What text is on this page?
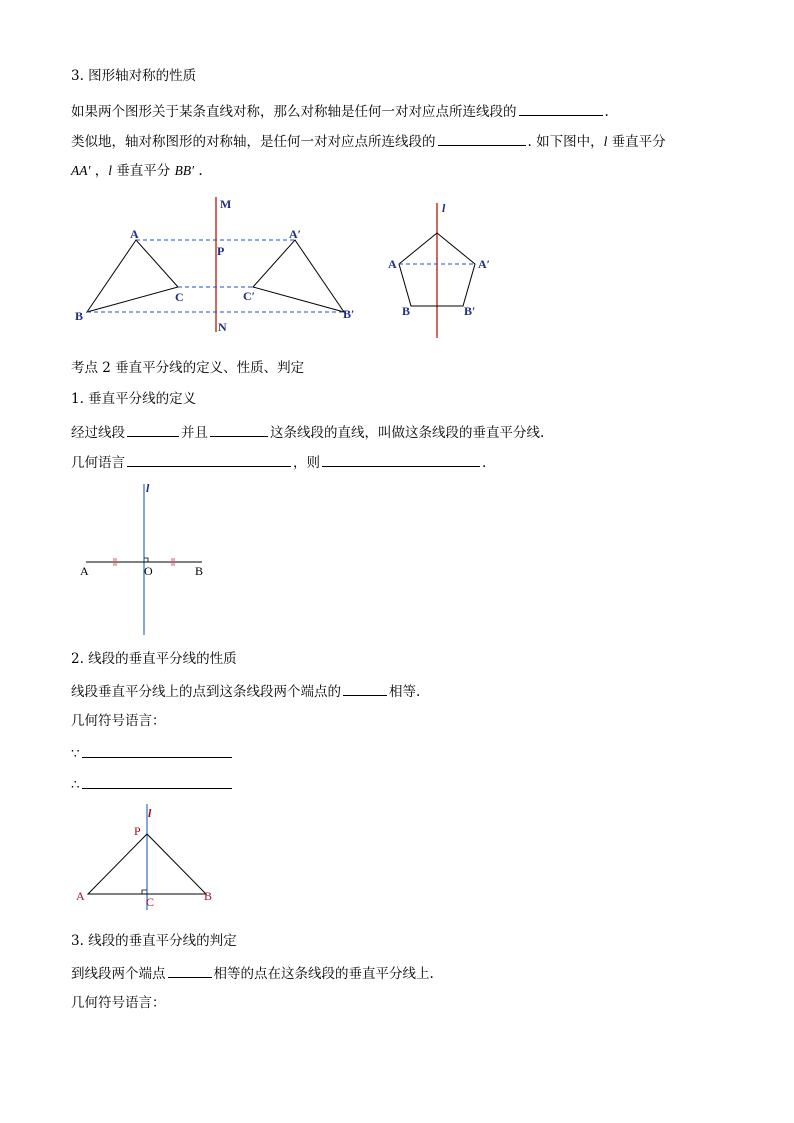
3. 图形轴对称的性质
如果两个图形关于某条直线对称，那么对称轴是任何一对对应点所连线段的	.
类似地，轴对称图形的对称轴，是任何一对对应点所连线段的	. 如下图中，l 垂直平分
AA′ ，l 垂直平分 BB′ .
M
P
N
A	A′
B	B′
C	C′
l
A	A′
B	B′
考点 2 垂直平分线的定义、性质、判定
1. 垂直平分线的定义
经过线段	并且	这条线段的直线，叫做这条线段的垂直平分线.
几何语言	，则	.
l
A	O	B
2. 线段的垂直平分线的性质
线段垂直平分线上的点到这条线段两个端点的	相等.
几何符号语言：
∵
∴
l
P
A	B
C
3. 线段的垂直平分线的判定
到线段两个端点	相等的点在这条线段的垂直平分线上.
几何符号语言：
